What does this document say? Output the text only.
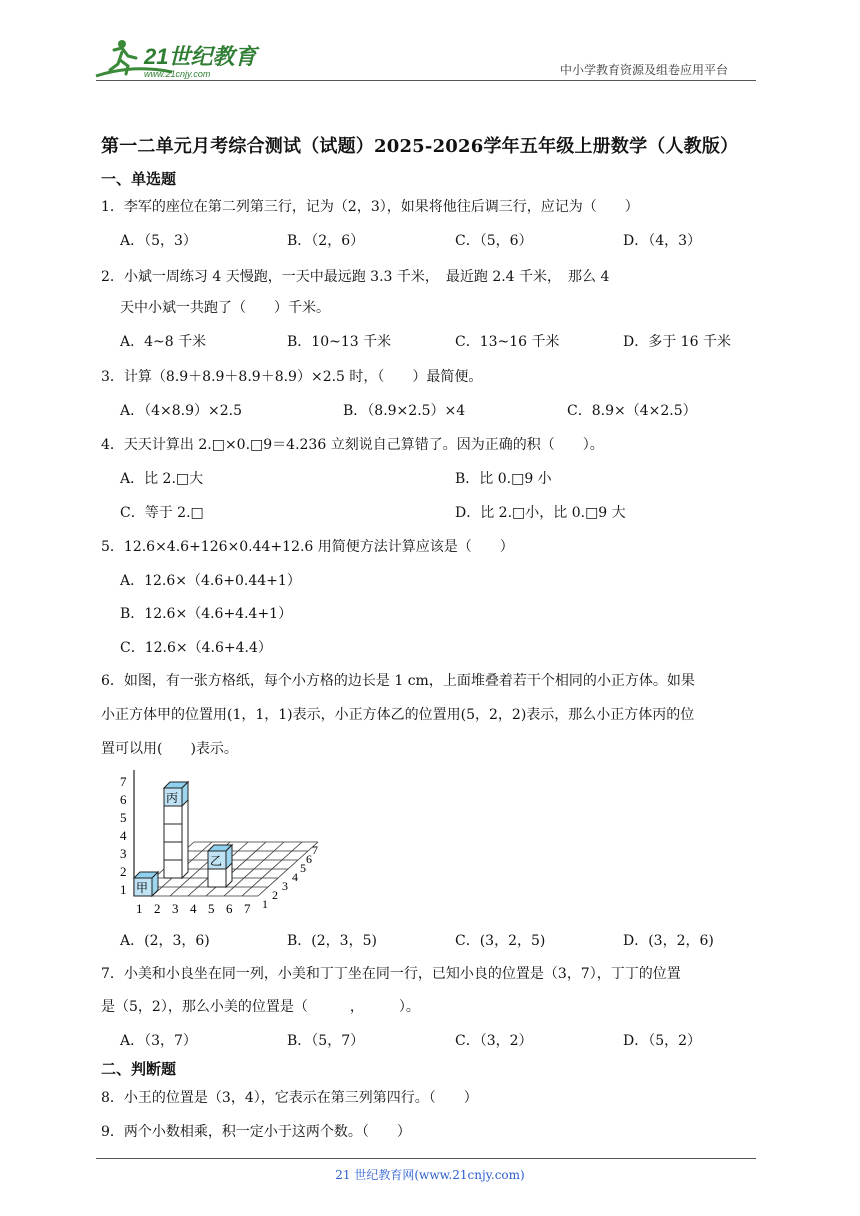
21世纪教育
www.21cnjy.com	中小学教育资源及组卷应用平台
第一二单元月考综合测试（试题）2025-2026学年五年级上册数学（人教版）
一、单选题
1．李军的座位在第二列第三行，记为（2，3），如果将他往后调三行，应记为（　　）
A．（5，3）	B．（2，6）	C．（5，6）	D．（4，3）
2．小斌一周练习 4 天慢跑，一天中最远跑 3.3 千米，　最近跑 2.4 千米，　那么 4
天中小斌一共跑了（　　）千米。
A．4~8 千米	B．10~13 千米	C．13~16 千米	D．多于 16 千米
3．计算（8.9＋8.9＋8.9＋8.9）×2.5 时，（　　）最简便。
A．（4×8.9）×2.5	B．（8.9×2.5）×4	C．8.9×（4×2.5）
4．天天计算出 2.□×0.□9＝4.236 立刻说自己算错了。因为正确的积（　　）。
A．比 2.□大	B．比 0.□9 小
C．等于 2.□	D．比 2.□小，比 0.□9 大
5．12.6×4.6+126×0.44+12.6 用简便方法计算应该是（　　）
A．12.6×（4.6+0.44+1）
B．12.6×（4.6+4.4+1）
C．12.6×（4.6+4.4）
6．如图，有一张方格纸，每个小方格的边长是 1 cm，上面堆叠着若干个相同的小正方体。如果
小正方体甲的位置用(1，1，1)表示，小正方体乙的位置用(5，2，2)表示，那么小正方体丙的位
置可以用(　　)表示。
1
2
3
4
5
6
7
甲
丙
乙
1 2 3 4 5 6 7 1
2
3
4
5
6
7
A．(2，3，6)	B．(2，3，5)	C．(3，2，5)	D．(3，2，6)
7．小美和小良坐在同一列，小美和丁丁坐在同一行，已知小良的位置是（3，7），丁丁的位置
是（5，2），那么小美的位置是（　　　，　　　）。
A．（3，7）	B．（5，7）	C．（3，2）	D．（5，2）
二、判断题
8．小王的位置是（3，4），它表示在第三列第四行。（　　）
9．两个小数相乘，积一定小于这两个数。（　　）
21 世纪教育网(www.21cnjy.com)
